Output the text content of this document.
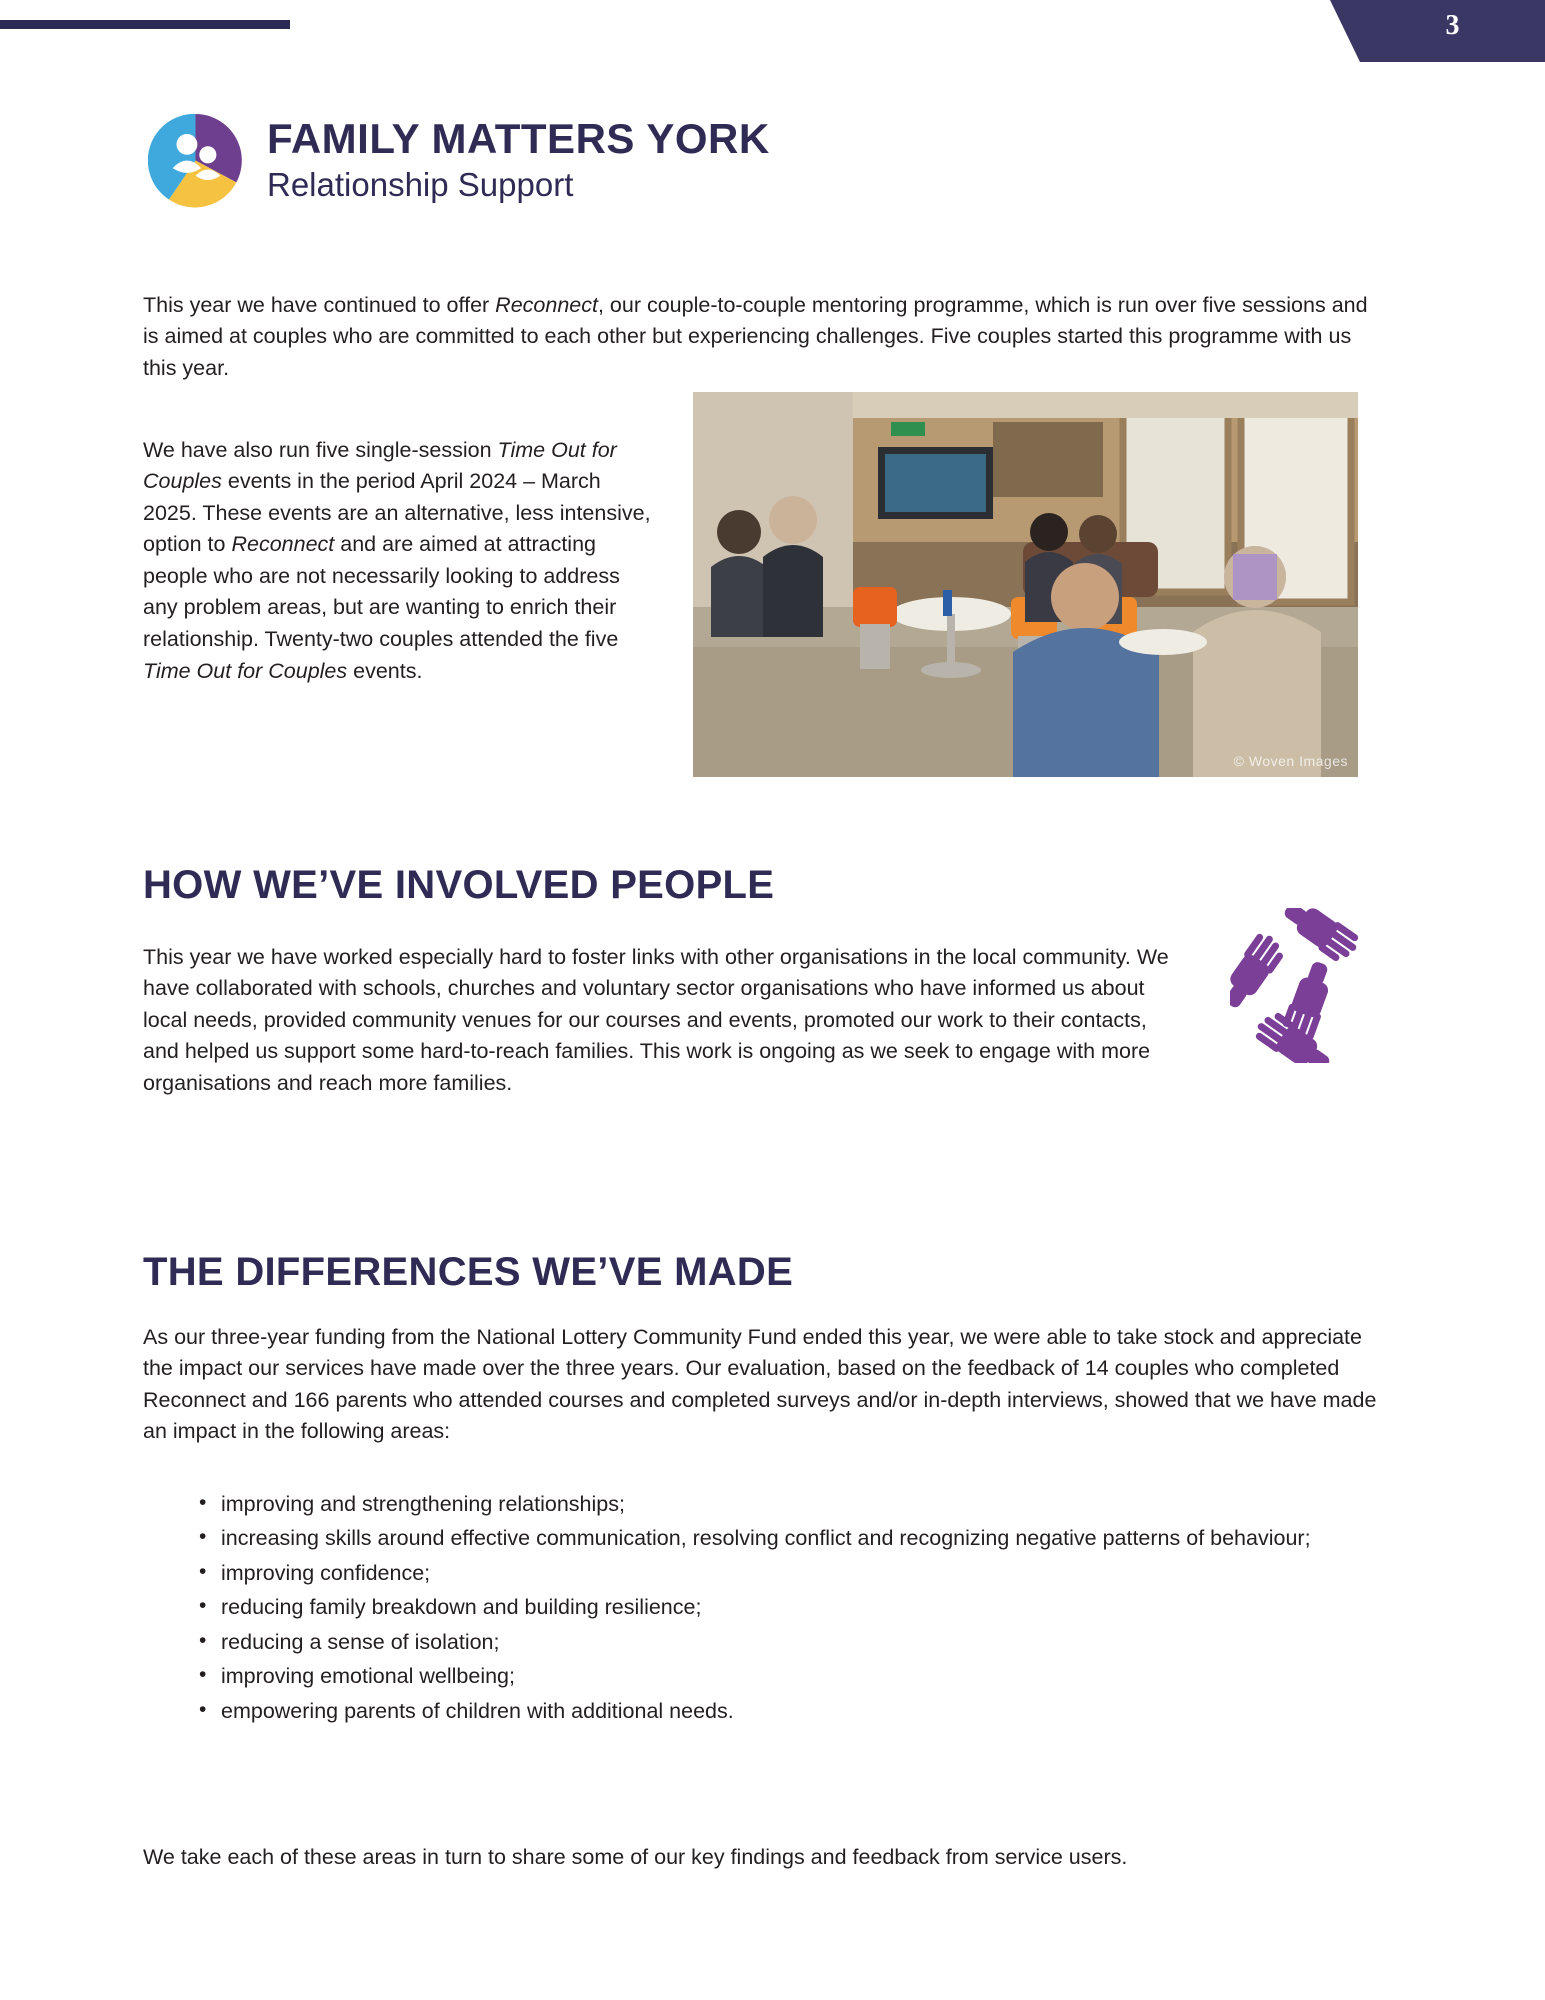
3
FAMILY MATTERS YORK
Relationship Support

This year we have continued to offer Reconnect, our couple-to-couple mentoring programme, which is run over five sessions and is aimed at couples who are committed to each other but experiencing challenges. Five couples started this programme with us this year.

We have also run five single-session Time Out for Couples events in the period April 2024 – March 2025. These events are an alternative, less intensive, option to Reconnect and are aimed at attracting people who are not necessarily looking to address any problem areas, but are wanting to enrich their relationship. Twenty-two couples attended the five Time Out for Couples events.

© Woven Images
HOW WE’VE INVOLVED PEOPLE

This year we have worked especially hard to foster links with other organisations in the local community. We have collaborated with schools, churches and voluntary sector organisations who have informed us about local needs, provided community venues for our courses and events, promoted our work to their contacts, and helped us support some hard-to-reach families. This work is ongoing as we seek to engage with more organisations and reach more families.

THE DIFFERENCES WE’VE MADE

As our three-year funding from the National Lottery Community Fund ended this year, we were able to take stock and appreciate the impact our services have made over the three years. Our evaluation, based on the feedback of 14 couples who completed Reconnect and 166 parents who attended courses and completed surveys and/or in-depth interviews, showed that we have made an impact in the following areas:

• improving and strengthening relationships;
• increasing skills around effective communication, resolving conflict and recognizing negative patterns of behaviour;
• improving confidence;
• reducing family breakdown and building resilience;
• reducing a sense of isolation;
• improving emotional wellbeing;
• empowering parents of children with additional needs.

We take each of these areas in turn to share some of our key findings and feedback from service users.
